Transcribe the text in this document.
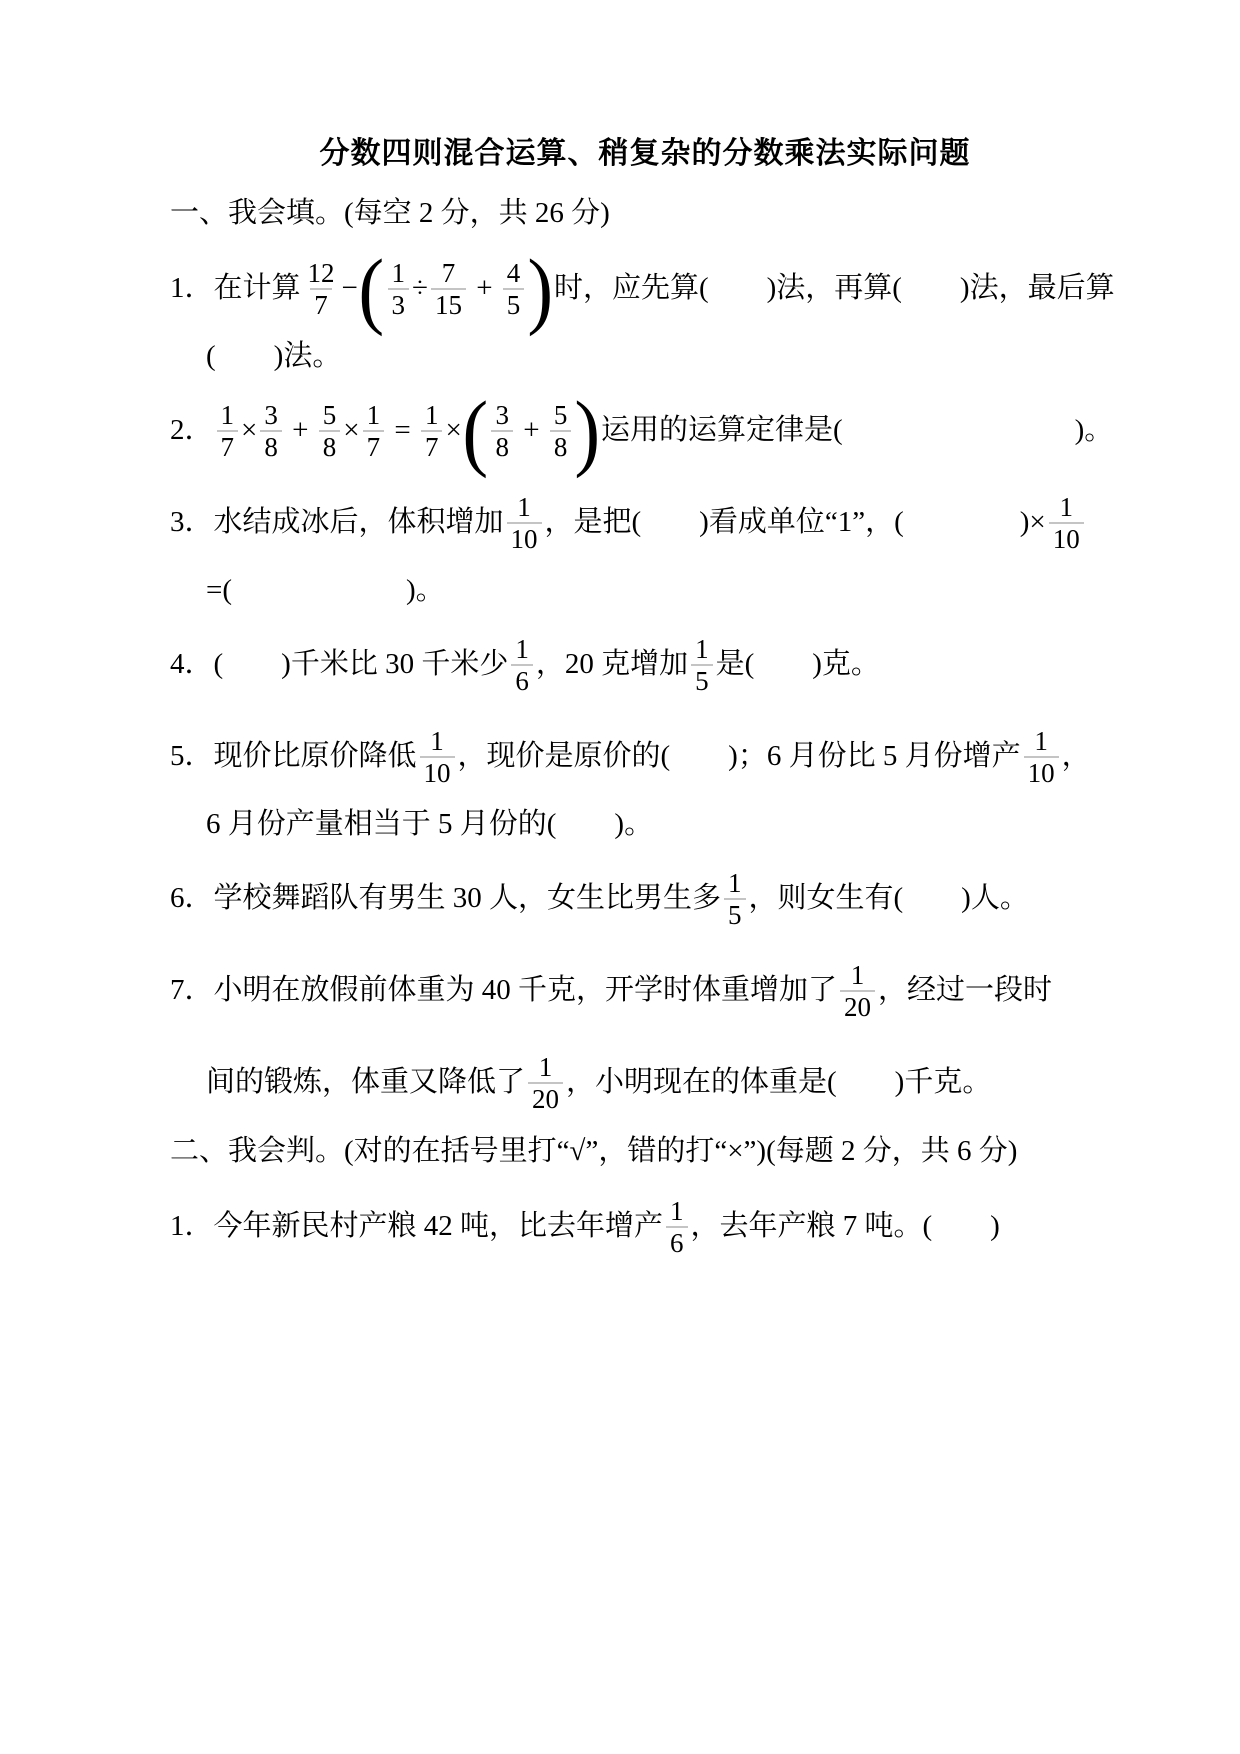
分数四则混合运算、稍复杂的分数乘法实际问题
一、我会填。(每空 2 分，共 26 分)
1．在计算 $\frac{12}{7}$ − ( $\frac{1}{3} \div \frac{7}{15} + \frac{4}{5}$ ) 时，应先算(　　)法，再算(　　)法，最后算
(　　)法。
2． $\frac{1}{7} \times \frac{3}{8} + \frac{5}{8} \times \frac{1}{7} = \frac{1}{7}$ × ( $\frac{3}{8} + \frac{5}{8}$ ) 运用的运算定律是(　　　　　　　　)。
3．水结成冰后，体积增加 $\frac{1}{10}$ ，是把(　　)看成单位“1”，(　　　　)× $\frac{1}{10}$
=(　　　　　　)。
4．(　　)千米比 30 千米少 $\frac{1}{6}$ ，20 克增加 $\frac{1}{5}$ 是(　　)克。
5．现价比原价降低 $\frac{1}{10}$ ，现价是原价的(　　)；6 月份比 5 月份增产 $\frac{1}{10}$ ，
6 月份产量相当于 5 月份的(　　)。
6．学校舞蹈队有男生 30 人，女生比男生多 $\frac{1}{5}$ ，则女生有(　　)人。
7．小明在放假前体重为 40 千克，开学时体重增加了 $\frac{1}{20}$ ，经过一段时
间的锻炼，体重又降低了 $\frac{1}{20}$ ，小明现在的体重是(　　)千克。
二、我会判。(对的在括号里打“√”，错的打“×”)(每题 2 分，共 6 分)
1．今年新民村产粮 42 吨，比去年增产 $\frac{1}{6}$ ，去年产粮 7 吨。(　　)
